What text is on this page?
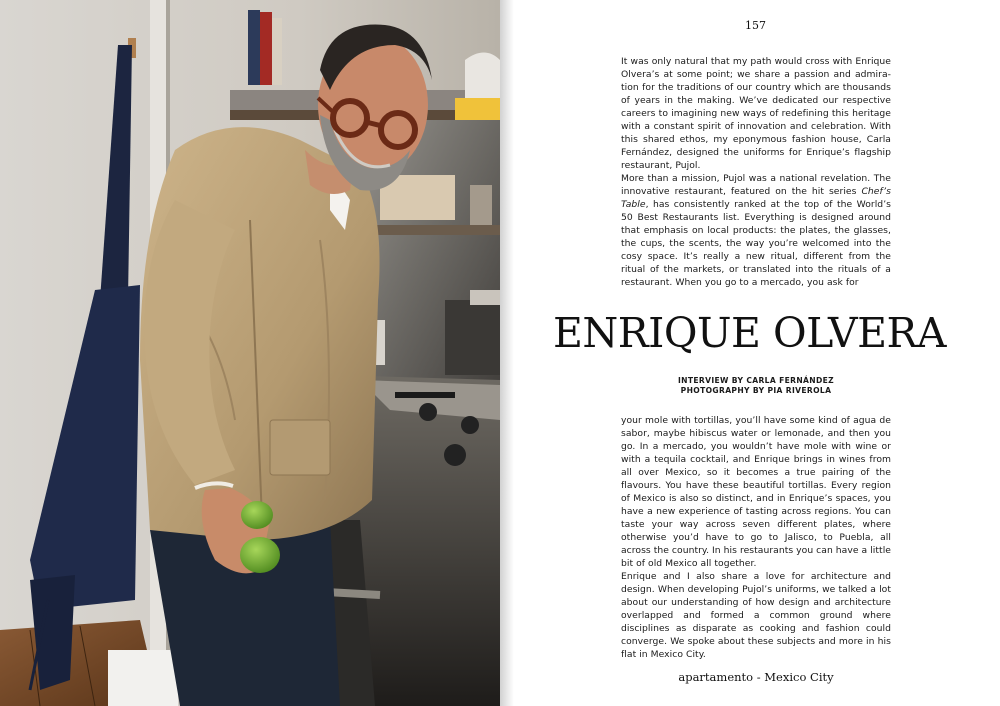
157

It was only natural that my path would cross with Enrique Olvera’s at some point; we share a passion and admiration for the traditions of our country which are thousands of years in the making. We’ve dedicated our respective careers to imagining new ways of redefining this heritage with a constant spirit of innovation and celebration. With this shared ethos, my eponymous fashion house, Carla Fernández, designed the uniforms for Enrique’s flagship restaurant, Pujol.

More than a mission, Pujol was a national revelation. The innovative restaurant, featured on the hit series Chef’s Table, has consistently ranked at the top of the World’s 50 Best Restaurants list. Everything is designed around that emphasis on local products: the plates, the glasses, the cups, the scents, the way you’re welcomed into the cosy space. It’s really a new ritual, different from the ritual of the markets, or translated into the rituals of a restaurant. When you go to a mercado, you ask for

ENRIQUE OLVERA
INTERVIEW BY CARLA FERNÁNDEZ
PHOTOGRAPHY BY PIA RIVEROLA

your mole with tortillas, you’ll have some kind of agua de sabor, maybe hibiscus water or lemonade, and then you go. In a mercado, you wouldn’t have mole with wine or with a tequila cocktail, and Enrique brings in wines from all over Mexico, so it becomes a true pairing of the flavours. You have these beautiful tortillas. Every region of Mexico is also so distinct, and in Enrique’s spaces, you have a new experience of tasting across regions. You can taste your way across seven different plates, where otherwise you’d have to go to Jalisco, to Puebla, all across the country. In his restaurants you can have a little bit of old Mexico all together.

Enrique and I also share a love for architecture and design. When developing Pujol’s uniforms, we talked a lot about our understanding of how design and architecture overlapped and formed a common ground where disciplines as disparate as cooking and fashion could converge. We spoke about these subjects and more in his flat in Mexico City.

apartamento - Mexico City
